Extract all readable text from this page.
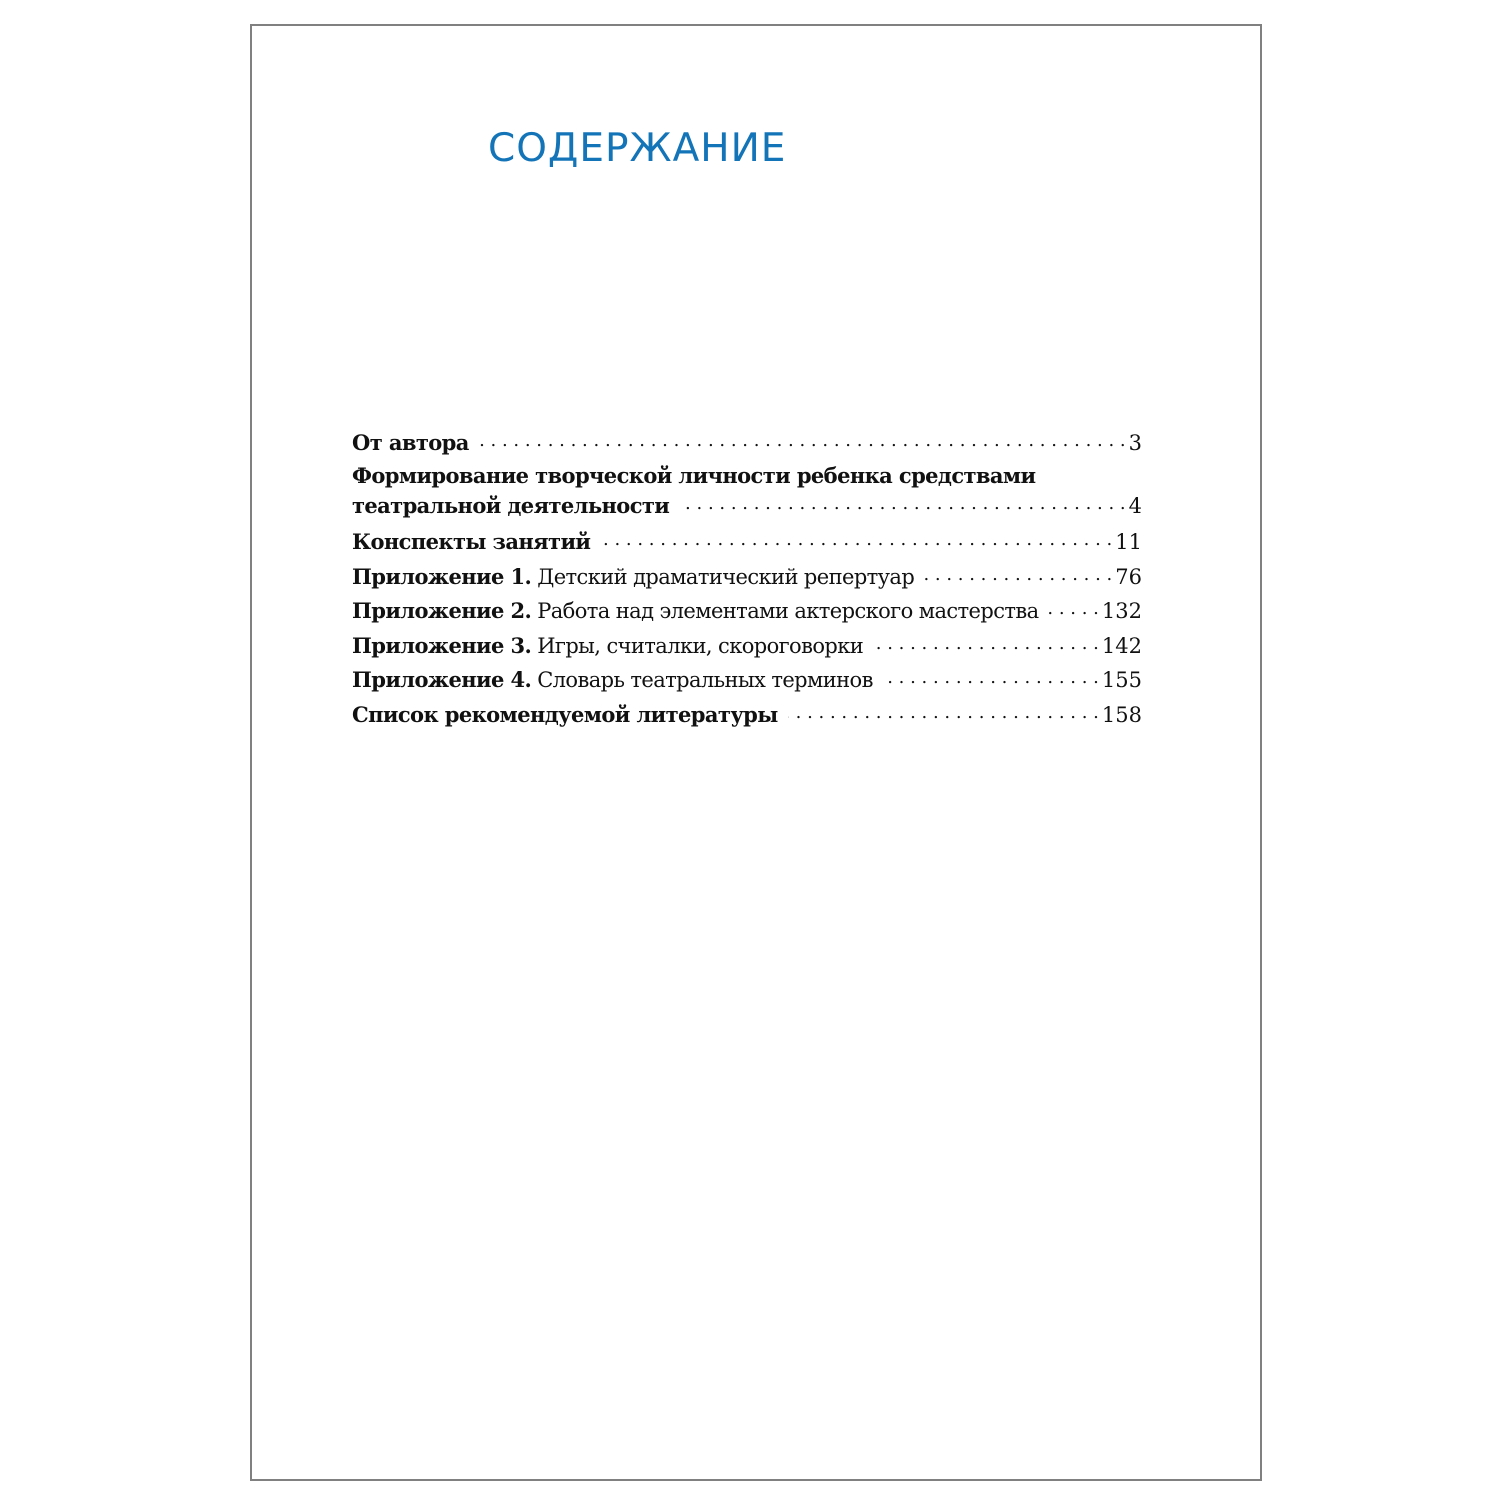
СОДЕРЖАНИЕ
От автора . . .	3
Формирование творческой личности ребенка средствами
театральной деятельности . . .	4
Конспекты занятий . . .	11
Приложение 1. Детский драматический репертуар . . .	76
Приложение 2. Работа над элементами актерского мастерства . . .	132
Приложение 3. Игры, считалки, скороговорки . . .	142
Приложение 4. Словарь театральных терминов . . .	155
Список рекомендуемой литературы . . .	158
